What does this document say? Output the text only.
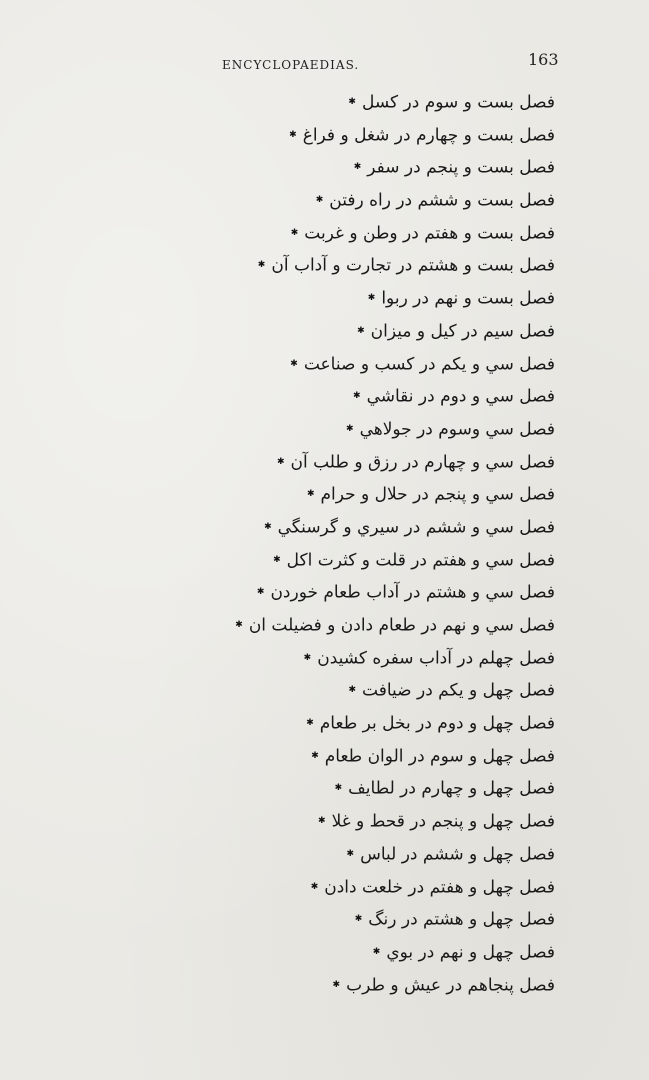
ENCYCLOPAEDIAS.	163
فصل بست و سوم در کسل✱
فصل بست و چهارم در شغل و فراغ✱
فصل بست و پنجم در سفر✱
فصل بست و ششم در راه رفتن✱
فصل بست و هفتم در وطن و غربت✱
فصل بست و هشتم در تجارت و آداب آن✱
فصل بست و نهم در ربوا✱
فصل سيم در کيل و ميزان✱
فصل سي و يکم در کسب و صناعت✱
فصل سي و دوم در نقاشي✱
فصل سي وسوم در جولاهي✱
فصل سي و چهارم در رزق و طلب آن✱
فصل سي و پنجم در حلال و حرام✱
فصل سي و ششم در سيري و گرسنگي✱
فصل سي و هفتم در قلت و کثرت اکل✱
فصل سي و هشتم در آداب طعام خوردن✱
فصل سي و نهم در طعام دادن و فضيلت ان✱
فصل چهلم در آداب سفره کشيدن✱
فصل چهل و يکم در ضيافت✱
فصل چهل و دوم در بخل بر طعام✱
فصل چهل و سوم در الوان طعام✱
فصل چهل و چهارم در لطايف✱
فصل چهل و پنجم در قحط و غلا✱
فصل چهل و ششم در لباس✱
فصل چهل و هفتم در خلعت دادن✱
فصل چهل و هشتم در رنگ✱
فصل چهل و نهم در بوي✱
فصل پنجاهم در عيش و طرب✱
